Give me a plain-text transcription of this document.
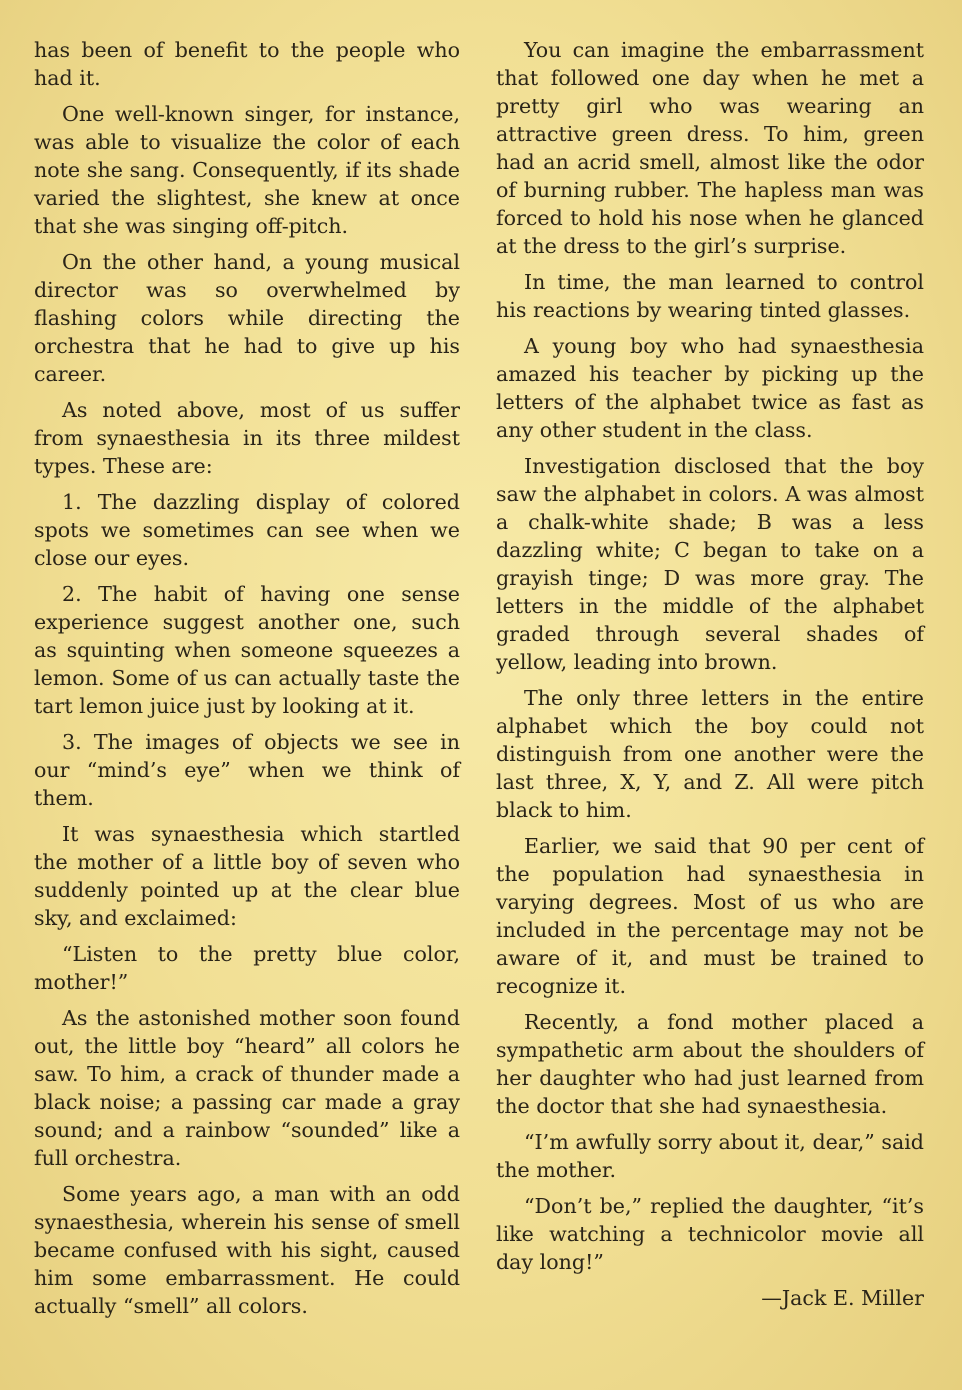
has been of benefit to the people who had it.

One well-known singer, for instance, was able to visualize the color of each note she sang. Consequently, if its shade varied the slightest, she knew at once that she was singing off-pitch.

On the other hand, a young musical director was so overwhelmed by flashing colors while directing the orchestra that he had to give up his career.

As noted above, most of us suffer from synaesthesia in its three mildest types. These are:

1. The dazzling display of colored spots we sometimes can see when we close our eyes.

2. The habit of having one sense experience suggest another one, such as squinting when someone squeezes a lemon. Some of us can actually taste the tart lemon juice just by looking at it.

3. The images of objects we see in our “mind’s eye” when we think of them.

It was synaesthesia which startled the mother of a little boy of seven who suddenly pointed up at the clear blue sky, and exclaimed:

“Listen to the pretty blue color, mother!”

As the astonished mother soon found out, the little boy “heard” all colors he saw. To him, a crack of thunder made a black noise; a passing car made a gray sound; and a rainbow “sounded” like a full orchestra.

Some years ago, a man with an odd synaesthesia, wherein his sense of smell became confused with his sight, caused him some embarrassment. He could actually “smell” all colors.

You can imagine the embarrassment that followed one day when he met a pretty girl who was wearing an attractive green dress. To him, green had an acrid smell, almost like the odor of burning rubber. The hapless man was forced to hold his nose when he glanced at the dress to the girl’s surprise.

In time, the man learned to control his reactions by wearing tinted glasses.

A young boy who had synaesthesia amazed his teacher by picking up the letters of the alphabet twice as fast as any other student in the class.

Investigation disclosed that the boy saw the alphabet in colors. A was almost a chalk-white shade; B was a less dazzling white; C began to take on a grayish tinge; D was more gray. The letters in the middle of the alphabet graded through several shades of yellow, leading into brown.

The only three letters in the entire alphabet which the boy could not distinguish from one another were the last three, X, Y, and Z. All were pitch black to him.

Earlier, we said that 90 per cent of the population had synaesthesia in varying degrees. Most of us who are included in the percentage may not be aware of it, and must be trained to recognize it.

Recently, a fond mother placed a sympathetic arm about the shoulders of her daughter who had just learned from the doctor that she had synaesthesia.

“I’m awfully sorry about it, dear,” said the mother.

“Don’t be,” replied the daughter, “it’s like watching a technicolor movie all day long!”

—Jack E. Miller
